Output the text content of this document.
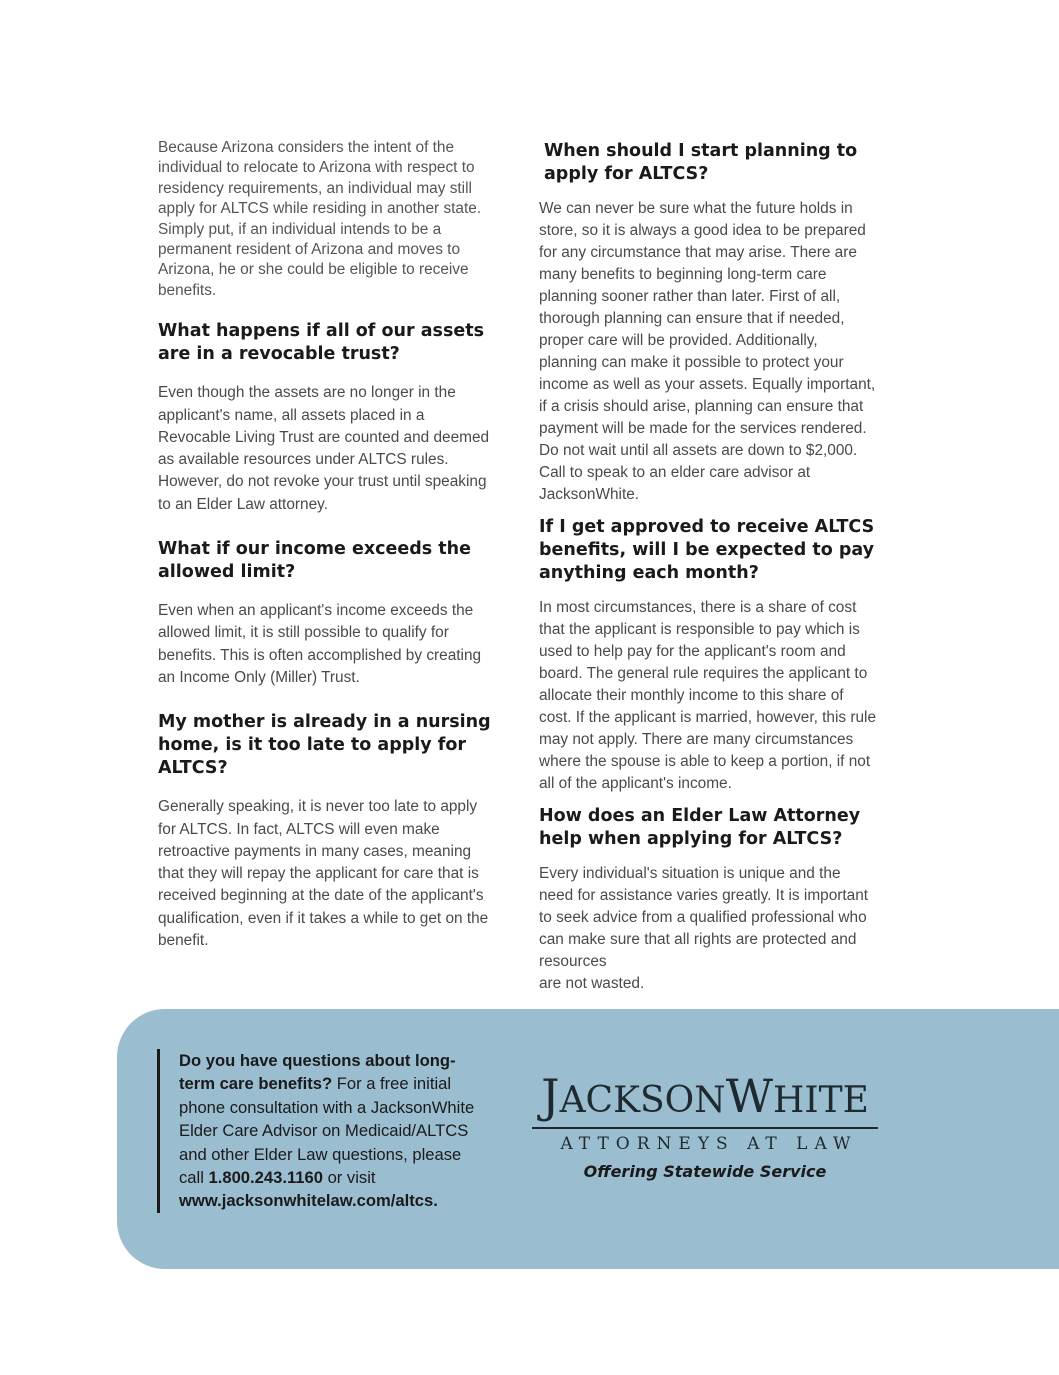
Because Arizona considers the intent of the individual to relocate to Arizona with respect to residency requirements, an individual may still apply for ALTCS while residing in another state. Simply put, if an individual intends to be a permanent resident of Arizona and moves to Arizona, he or she could be eligible to receive benefits.

What happens if all of our assets are in a revocable trust?

Even though the assets are no longer in the applicant's name, all assets placed in a Revocable Living Trust are counted and deemed as available resources under ALTCS rules. However, do not revoke your trust until speaking to an Elder Law attorney.

What if our income exceeds the allowed limit?

Even when an applicant's income exceeds the allowed limit, it is still possible to qualify for benefits. This is often accomplished by creating an Income Only (Miller) Trust.

My mother is already in a nursing home, is it too late to apply for ALTCS?

Generally speaking, it is never too late to apply for ALTCS. In fact, ALTCS will even make retroactive payments in many cases, meaning that they will repay the applicant for care that is received beginning at the date of the applicant's qualification, even if it takes a while to get on the benefit.

When should I start planning to apply for ALTCS?

We can never be sure what the future holds in store, so it is always a good idea to be prepared for any circumstance that may arise. There are many benefits to beginning long-term care planning sooner rather than later. First of all, thorough planning can ensure that if needed, proper care will be provided. Additionally, planning can make it possible to protect your income as well as your assets. Equally important, if a crisis should arise, planning can ensure that payment will be made for the services rendered. Do not wait until all assets are down to $2,000. Call to speak to an elder care advisor at JacksonWhite.

If I get approved to receive ALTCS benefits, will I be expected to pay anything each month?

In most circumstances, there is a share of cost that the applicant is responsible to pay which is used to help pay for the applicant's room and board. The general rule requires the applicant to allocate their monthly income to this share of cost. If the applicant is married, however, this rule may not apply. There are many circumstances where the spouse is able to keep a portion, if not all of the applicant's income.

How does an Elder Law Attorney help when applying for ALTCS?

Every individual's situation is unique and the need for assistance varies greatly. It is important to seek advice from a qualified professional who can make sure that all rights are protected and resources
are not wasted.

Do you have questions about long-term care benefits? For a free initial phone consultation with a JacksonWhite Elder Care Advisor on Medicaid/ALTCS and other Elder Law questions, please call 1.800.243.1160 or visit www.jacksonwhitelaw.com/altcs.
JACKSONWHITE
ATTORNEYS AT LAW
Offering Statewide Service
